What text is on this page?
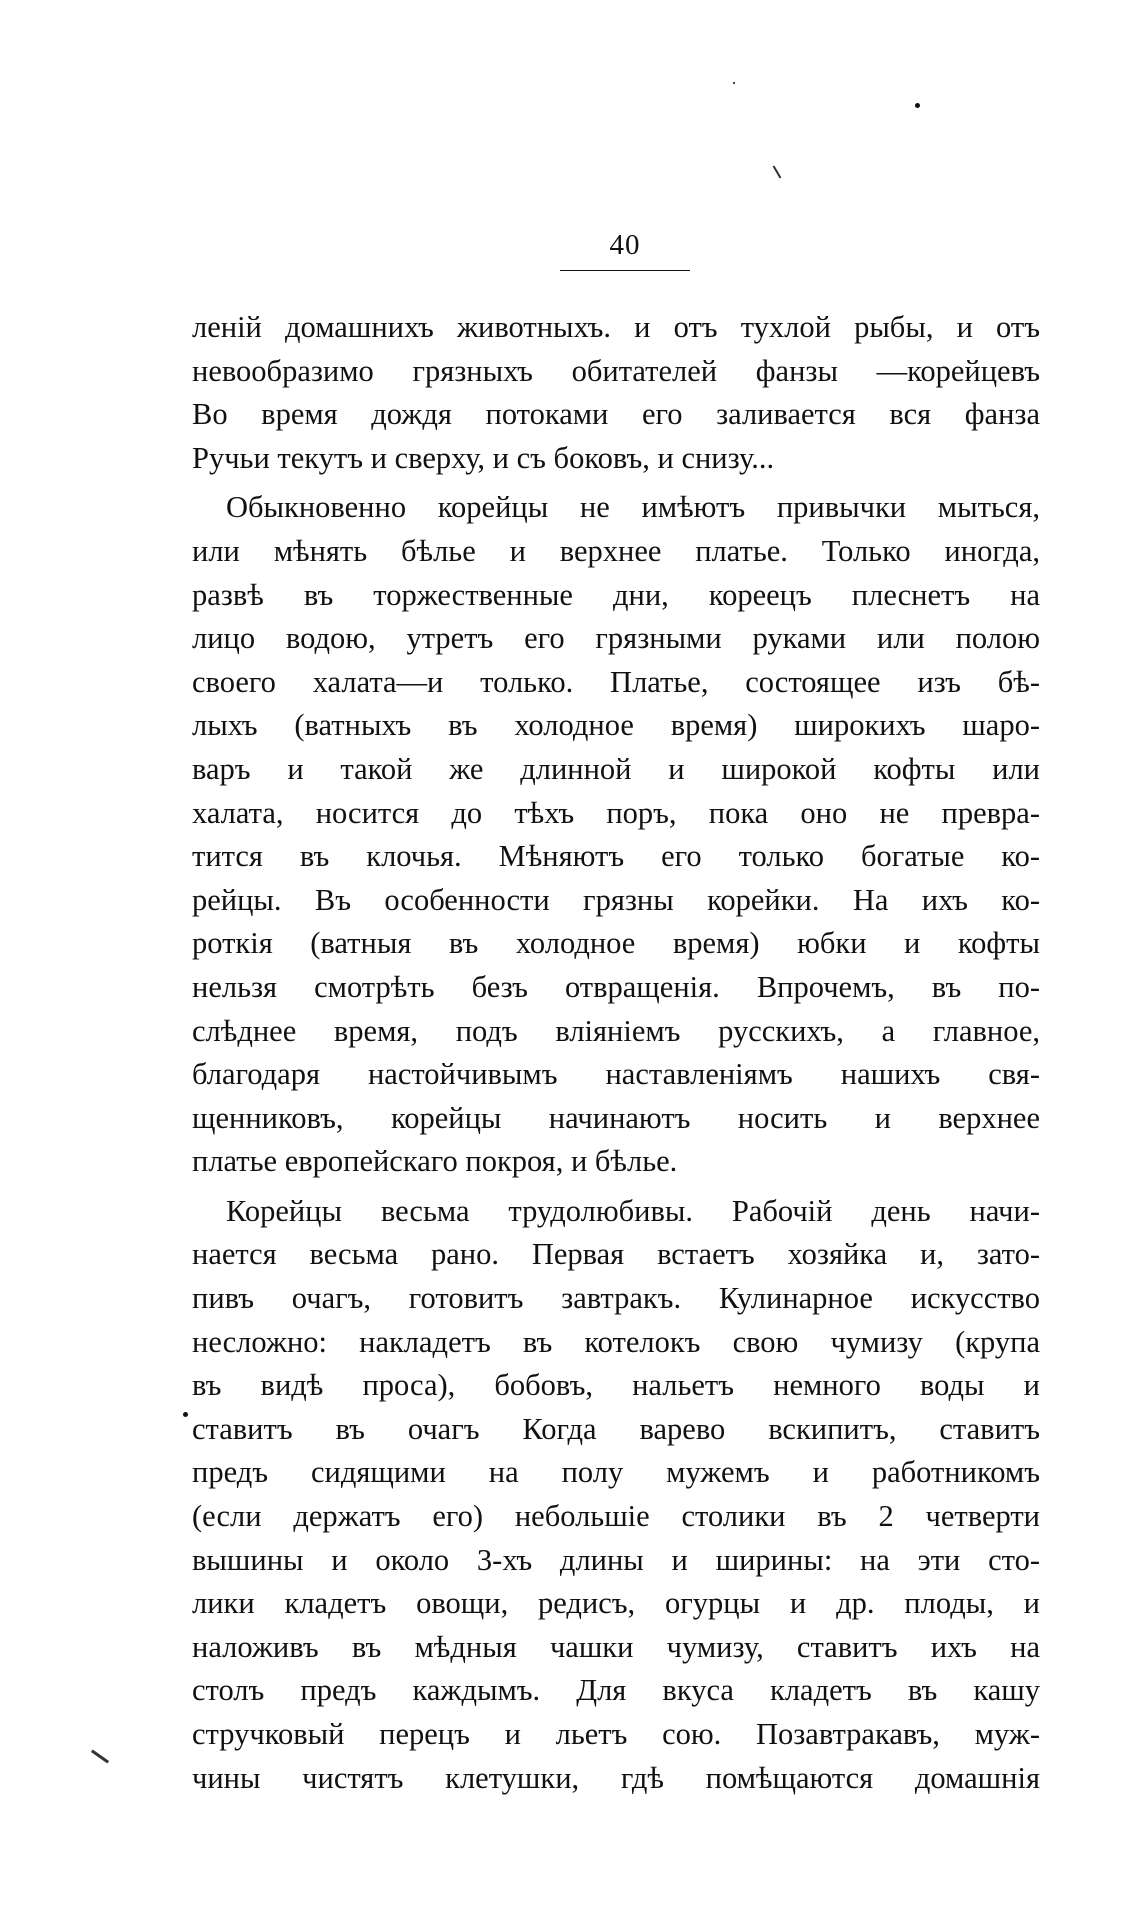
40
леній домашнихъ животныхъ. и отъ тухлой рыбы, и отъ
невообразимо грязныхъ обитателей фанзы —корейцевъ
Во время дождя потоками его заливается вся фанза
Ручьи текутъ и сверху, и съ боковъ, и снизу...
Обыкновенно корейцы не имѣютъ привычки мыться,
или мѣнять бѣлье и верхнее платье. Только иногда,
развѣ въ торжественные дни, кореецъ плеснетъ на
лицо водою, утретъ его грязными руками или полою
своего халата—и только. Платье, состоящее изъ бѣ-
лыхъ (ватныхъ въ холодное время) широкихъ шаро-
варъ и такой же длинной и широкой кофты или
халата, носится до тѣхъ поръ, пока оно не превра-
тится въ клочья. Мѣняютъ его только богатые ко-
рейцы. Въ особенности грязны корейки. На ихъ ко-
роткія (ватныя въ холодное время) юбки и кофты
нельзя смотрѣть безъ отвращенія. Впрочемъ, въ по-
слѣднее время, подъ вліяніемъ русскихъ, а главное,
благодаря настойчивымъ наставленіямъ нашихъ свя-
щенниковъ, корейцы начинаютъ носить и верхнее
платье европейскаго покроя, и бѣлье.
Корейцы весьма трудолюбивы. Рабочій день начи-
нается весьма рано. Первая встаетъ хозяйка и, зато-
пивъ очагъ, готовитъ завтракъ. Кулинарное искусство
несложно: накладетъ въ котелокъ свою чумизу (крупа
въ видѣ проса), бобовъ, нальетъ немного воды и
ставитъ въ очагъ Когда варево вскипитъ, ставитъ
предъ сидящими на полу мужемъ и работникомъ
(если держатъ его) небольшіе столики въ 2 четверти
вышины и около 3-хъ длины и ширины: на эти сто-
лики кладетъ овощи, редисъ, огурцы и др. плоды, и
наложивъ въ мѣдныя чашки чумизу, ставитъ ихъ на
столъ предъ каждымъ. Для вкуса кладетъ въ кашу
стручковый перецъ и льетъ сою. Позавтракавъ, муж-
чины чистятъ клетушки, гдѣ помѣщаются домашнія
